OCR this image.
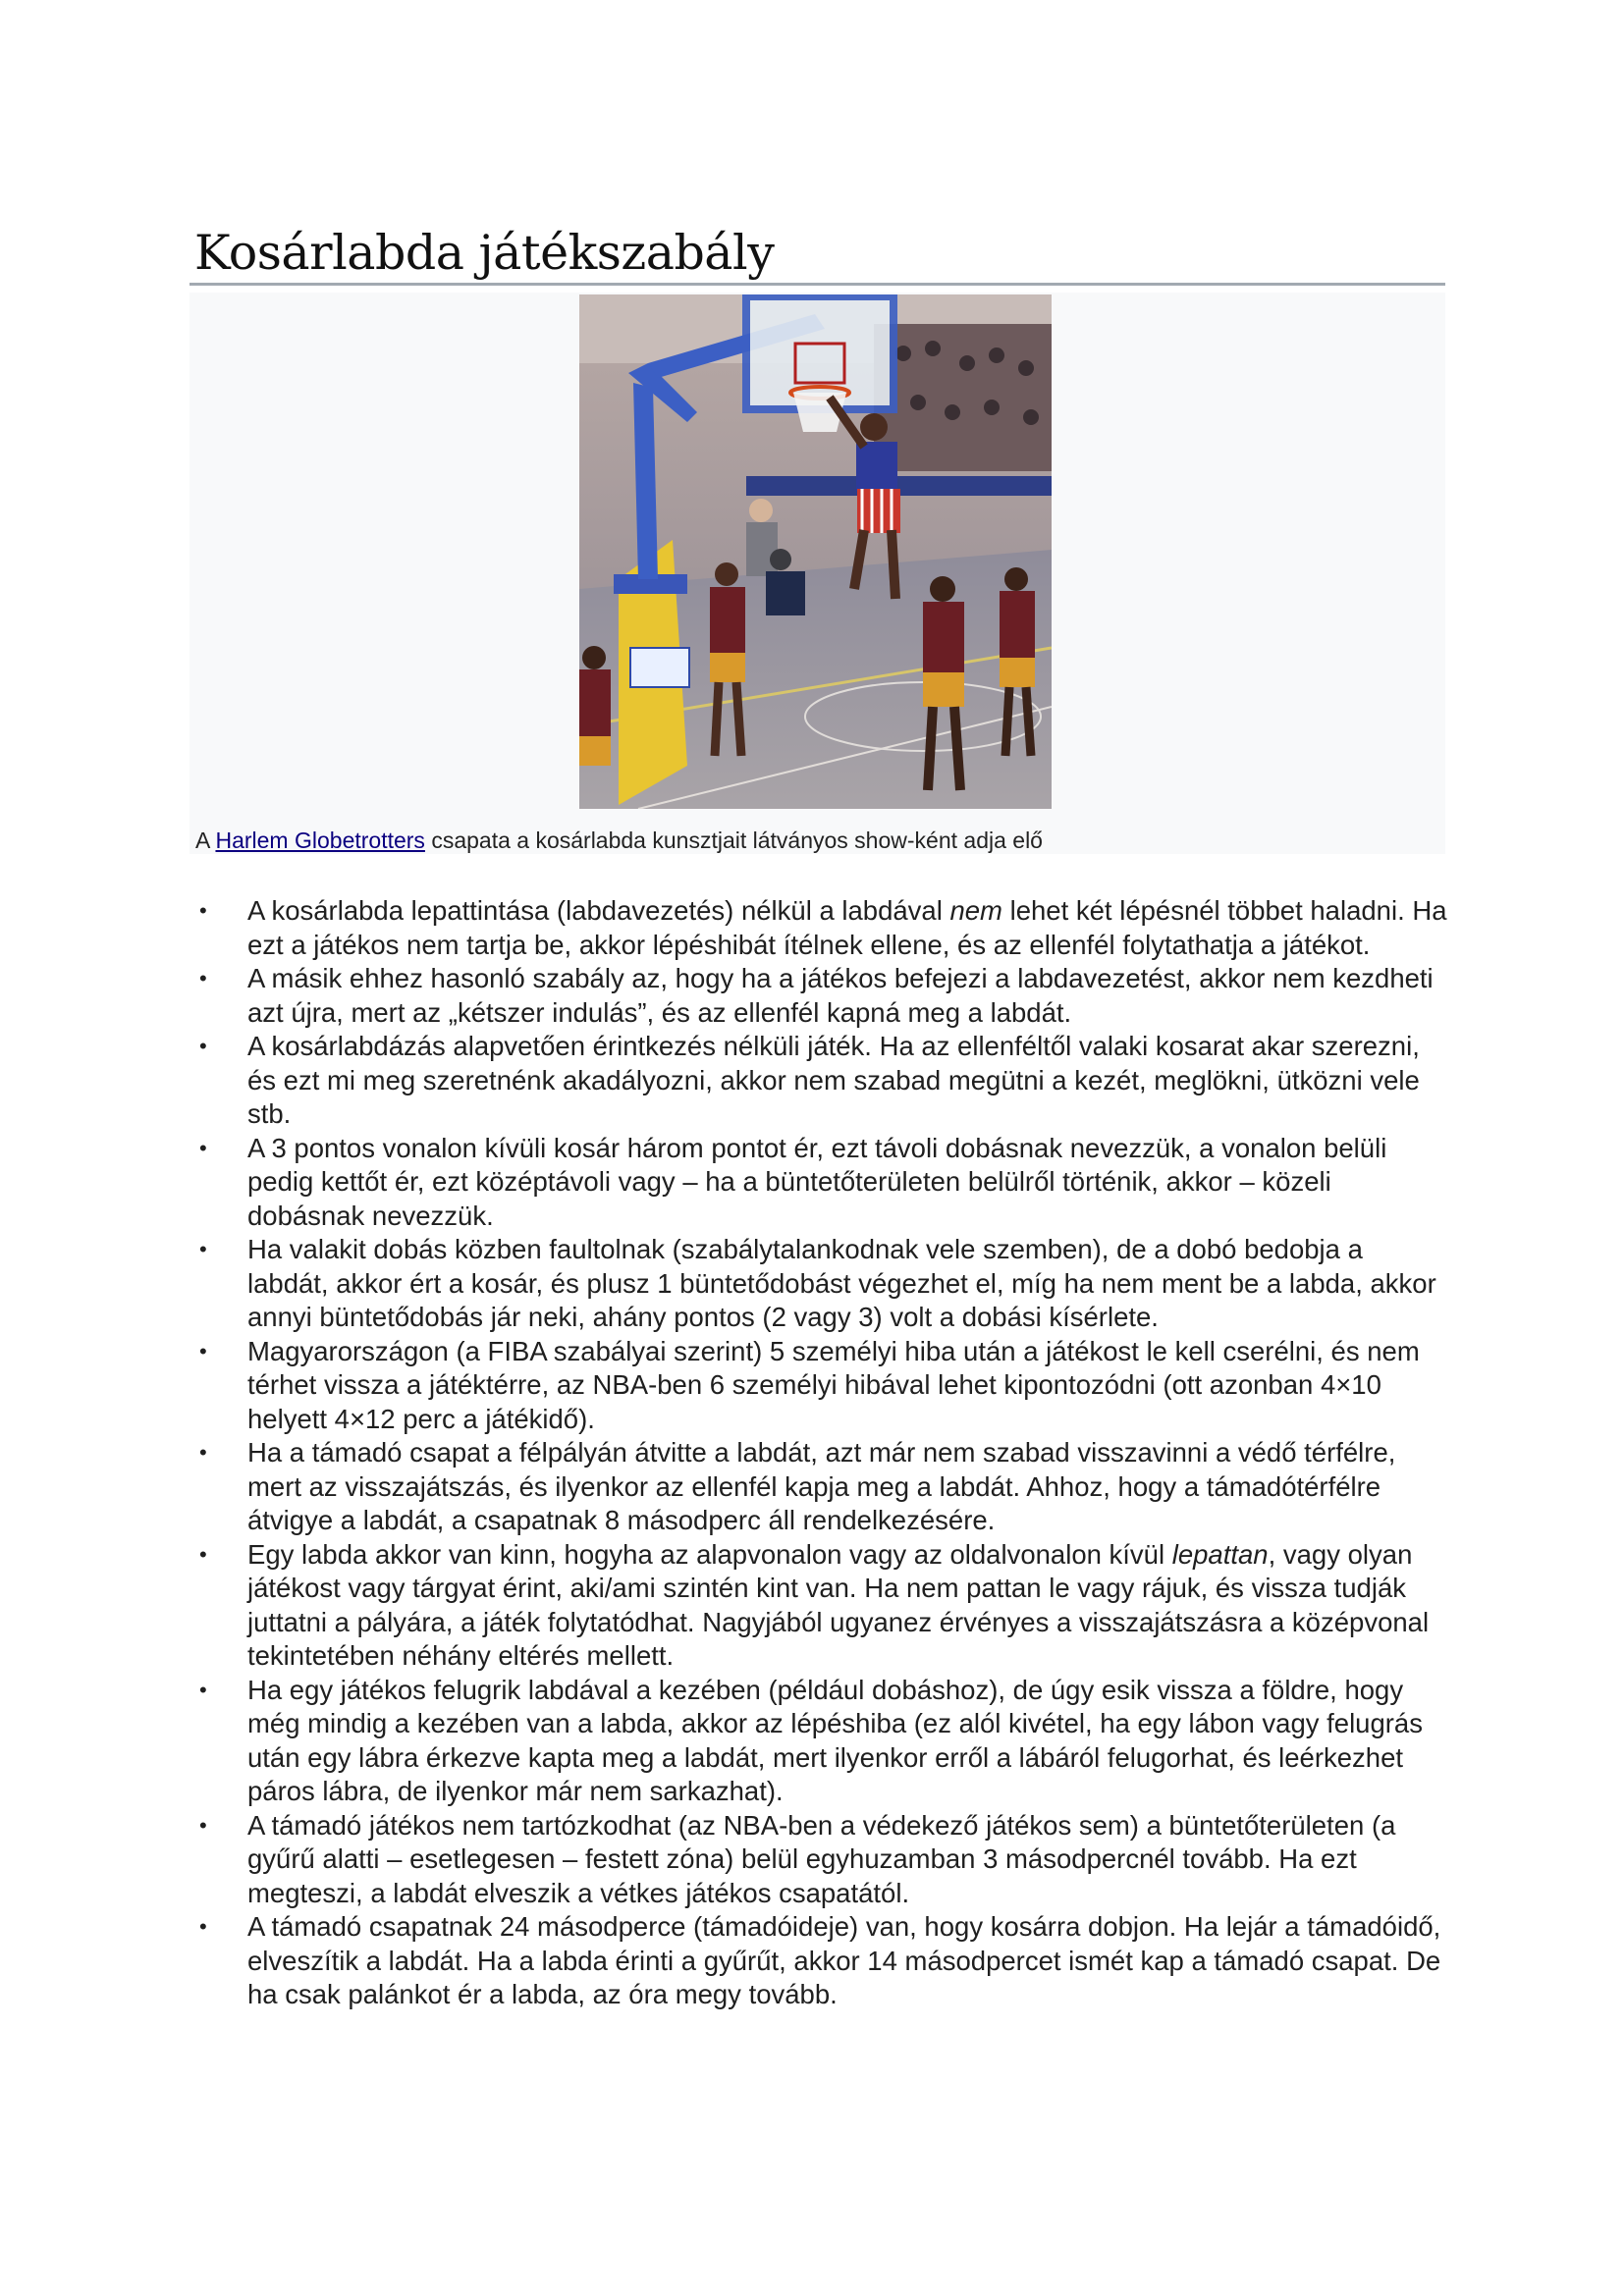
Kosárlabda játékszabály
A Harlem Globetrotters csapata a kosárlabda kunsztjait látványos show-ként adja elő
• A kosárlabda lepattintása (labdavezetés) nélkül a labdával nem lehet két lépésnél többet haladni. Ha ezt a játékos nem tartja be, akkor lépéshibát ítélnek ellene, és az ellenfél folytathatja a játékot.
• A másik ehhez hasonló szabály az, hogy ha a játékos befejezi a labdavezetést, akkor nem kezdheti azt újra, mert az „kétszer indulás”, és az ellenfél kapná meg a labdát.
• A kosárlabdázás alapvetően érintkezés nélküli játék. Ha az ellenféltől valaki kosarat akar szerezni, és ezt mi meg szeretnénk akadályozni, akkor nem szabad megütni a kezét, meglökni, ütközni vele stb.
• A 3 pontos vonalon kívüli kosár három pontot ér, ezt távoli dobásnak nevezzük, a vonalon belüli pedig kettőt ér, ezt középtávoli vagy – ha a büntetőterületen belülről történik, akkor – közeli dobásnak nevezzük.
• Ha valakit dobás közben faultolnak (szabálytalankodnak vele szemben), de a dobó bedobja a labdát, akkor ért a kosár, és plusz 1 büntetődobást végezhet el, míg ha nem ment be a labda, akkor annyi büntetődobás jár neki, ahány pontos (2 vagy 3) volt a dobási kísérlete.
• Magyarországon (a FIBA szabályai szerint) 5 személyi hiba után a játékost le kell cserélni, és nem térhet vissza a játéktérre, az NBA-ben 6 személyi hibával lehet kipontozódni (ott azonban 4×10 helyett 4×12 perc a játékidő).
• Ha a támadó csapat a félpályán átvitte a labdát, azt már nem szabad visszavinni a védő térfélre, mert az visszajátszás, és ilyenkor az ellenfél kapja meg a labdát. Ahhoz, hogy a támadótérfélre átvigye a labdát, a csapatnak 8 másodperc áll rendelkezésére.
• Egy labda akkor van kinn, hogyha az alapvonalon vagy az oldalvonalon kívül lepattan, vagy olyan játékost vagy tárgyat érint, aki/ami szintén kint van. Ha nem pattan le vagy rájuk, és vissza tudják juttatni a pályára, a játék folytatódhat. Nagyjából ugyanez érvényes a visszajátszásra a középvonal tekintetében néhány eltérés mellett.
• Ha egy játékos felugrik labdával a kezében (például dobáshoz), de úgy esik vissza a földre, hogy még mindig a kezében van a labda, akkor az lépéshiba (ez alól kivétel, ha egy lábon vagy felugrás után egy lábra érkezve kapta meg a labdát, mert ilyenkor erről a lábáról felugorhat, és leérkezhet páros lábra, de ilyenkor már nem sarkazhat).
• A támadó játékos nem tartózkodhat (az NBA-ben a védekező játékos sem) a büntetőterületen (a gyűrű alatti – esetlegesen – festett zóna) belül egyhuzamban 3 másodpercnél tovább. Ha ezt megteszi, a labdát elveszik a vétkes játékos csapatától.
• A támadó csapatnak 24 másodperce (támadóideje) van, hogy kosárra dobjon. Ha lejár a támadóidő, elveszítik a labdát. Ha a labda érinti a gyűrűt, akkor 14 másodpercet ismét kap a támadó csapat. De ha csak palánkot ér a labda, az óra megy tovább.
